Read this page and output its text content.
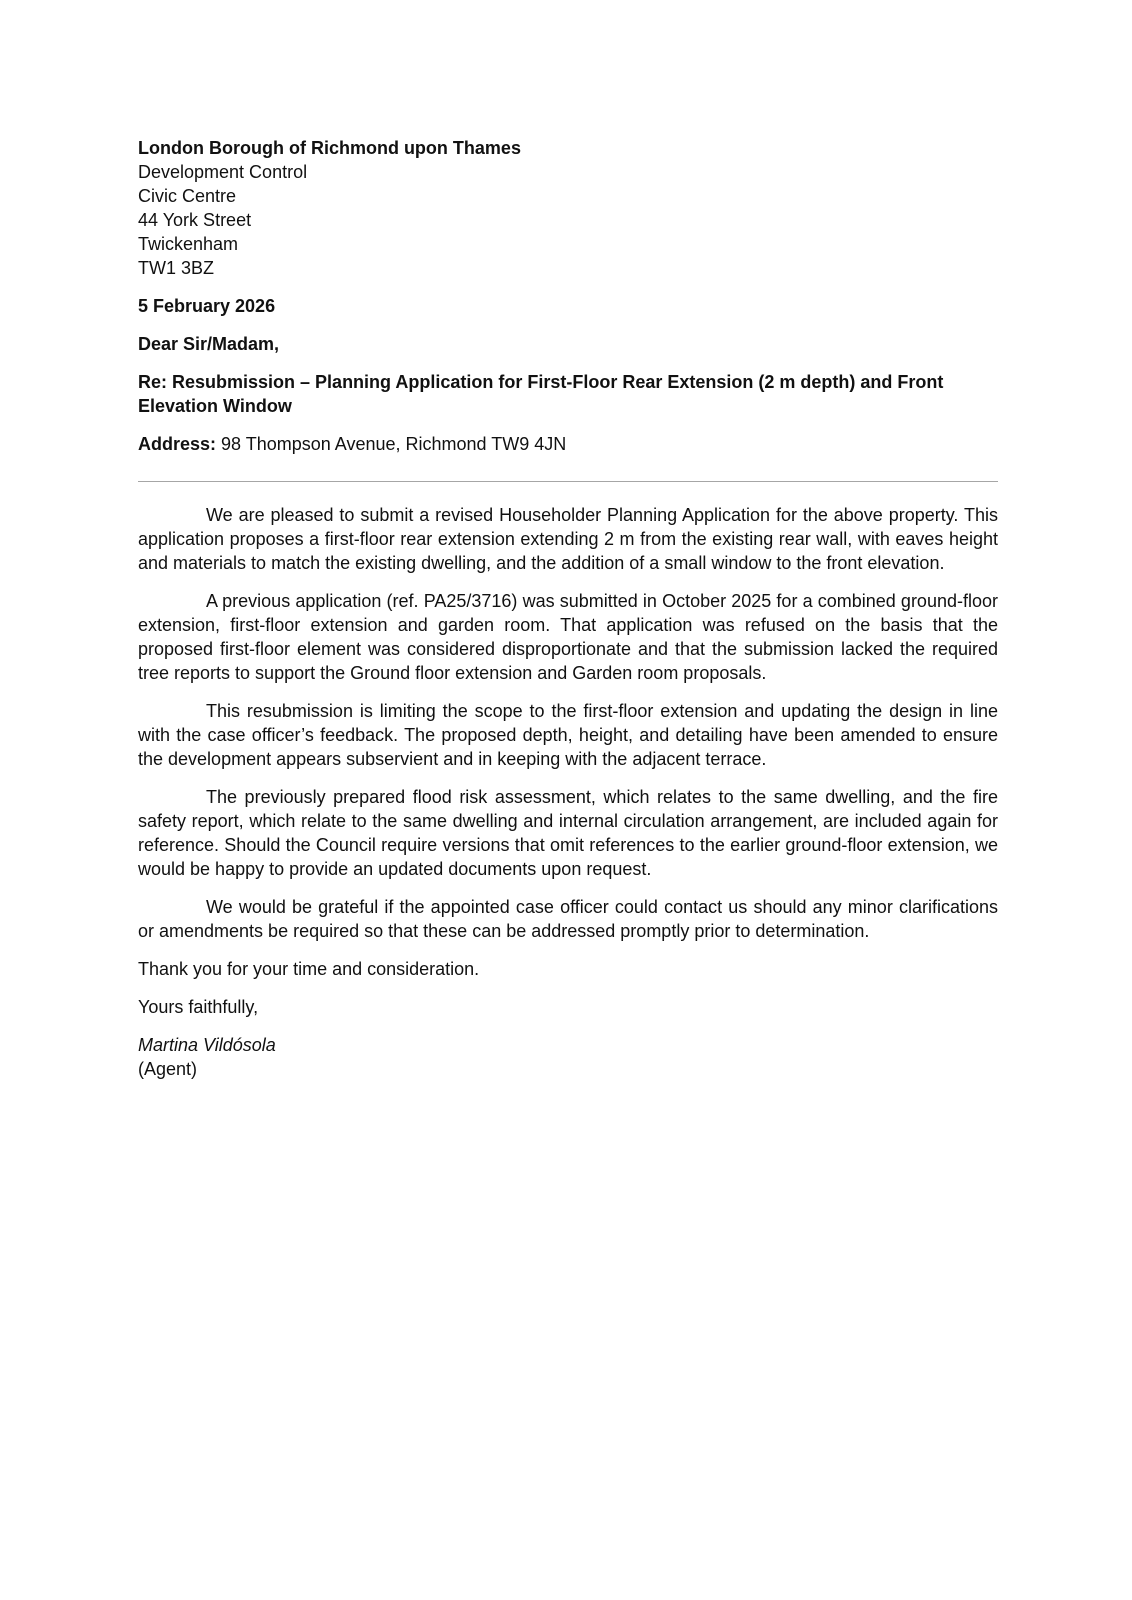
London Borough of Richmond upon Thames
Development Control
Civic Centre
44 York Street
Twickenham
TW1 3BZ
5 February 2026
Dear Sir/Madam,
Re: Resubmission – Planning Application for First-Floor Rear Extension (2 m depth) and Front Elevation Window
Address: 98 Thompson Avenue, Richmond TW9 4JN

We are pleased to submit a revised Householder Planning Application for the above property. This application proposes a first-floor rear extension extending 2 m from the existing rear wall, with eaves height and materials to match the existing dwelling, and the addition of a small window to the front elevation.

A previous application (ref. PA25/3716) was submitted in October 2025 for a combined ground-floor extension, first-floor extension and garden room. That application was refused on the basis that the proposed first-floor element was considered disproportionate and that the submission lacked the required tree reports to support the Ground floor extension and Garden room proposals.

This resubmission is limiting the scope to the first-floor extension and updating the design in line with the case officer’s feedback. The proposed depth, height, and detailing have been amended to ensure the development appears subservient and in keeping with the adjacent terrace.

The previously prepared flood risk assessment, which relates to the same dwelling, and the fire safety report, which relate to the same dwelling and internal circulation arrangement, are included again for reference. Should the Council require versions that omit references to the earlier ground-floor extension, we would be happy to provide an updated documents upon request.

We would be grateful if the appointed case officer could contact us should any minor clarifications or amendments be required so that these can be addressed promptly prior to determination.

Thank you for your time and consideration.

Yours faithfully,

Martina Vildósola
(Agent)
